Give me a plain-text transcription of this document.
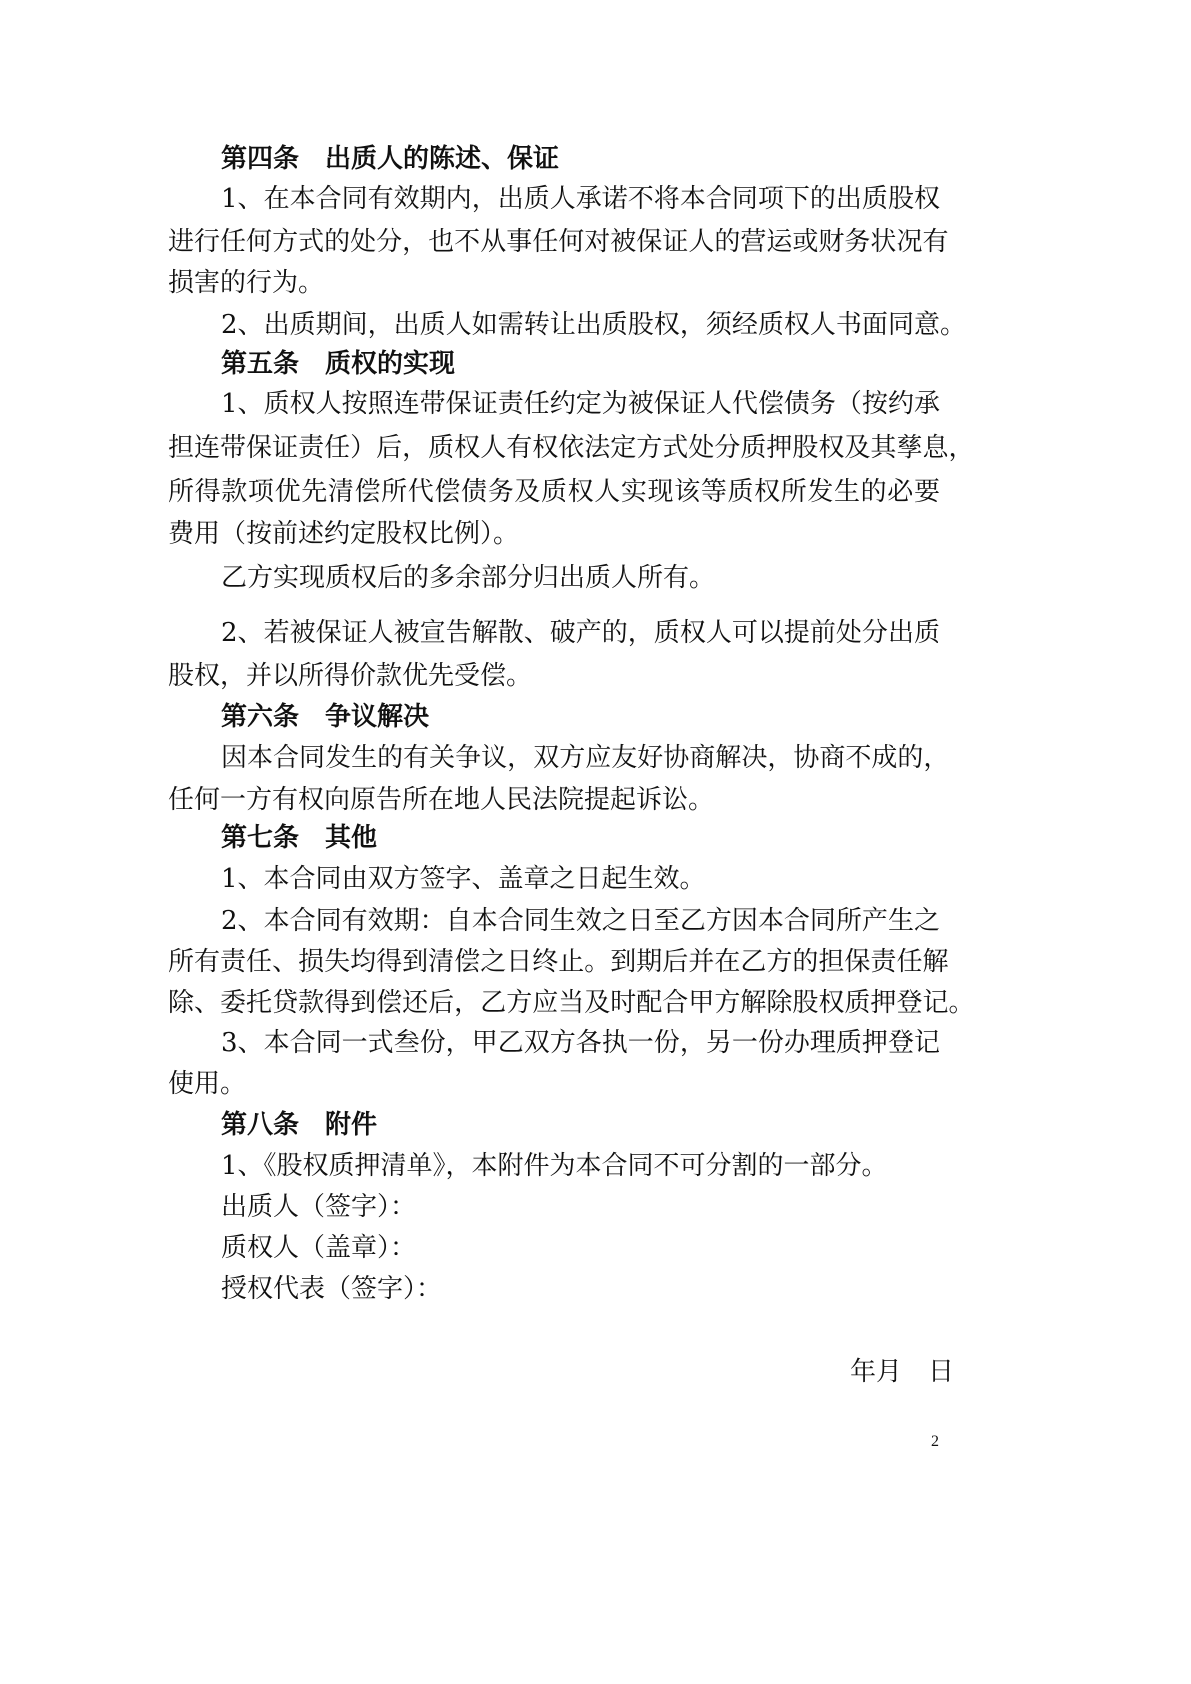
第四条　出质人的陈述、保证
1 、 在 本 合 同 有 效 期 内 ， 出 质 人 承 诺 不 将 本 合 同 项 下 的 出 质 股 权
进 行 任 何 方 式 的 处 分 ， 也 不 从 事 任 何 对 被 保 证 人 的 营 运 或 财 务 状 况 有
损害的行为。
2 、 出 质 期 间 ， 出 质 人 如 需 转 让 出 质 股 权 ， 须 经 质 权 人 书 面 同 意 。
第五条　质权的实现
1 、 质 权 人 按 照 连 带 保 证 责 任 约 定 为 被 保 证 人 代 偿 债 务 （ 按 约 承
担 连 带 保 证 责 任 ） 后 ， 质 权 人 有 权 依 法 定 方 式 处 分 质 押 股 权 及 其 孳 息 ，
所 得 款 项 优 先 清 偿 所 代 偿 债 务 及 质 权 人 实 现 该 等 质 权 所 发 生 的 必 要
费用（按前述约定股权比例）。
乙方实现质权后的多余部分归出质人所有。
2 、 若 被 保 证 人 被 宣 告 解 散 、 破 产 的 ， 质 权 人 可 以 提 前 处 分 出 质
股权，并以所得价款优先受偿。
第六条　争议解决
因 本 合 同 发 生 的 有 关 争 议 ， 双 方 应 友 好 协 商 解 决 ， 协 商 不 成 的 ，
任何一方有权向原告所在地人民法院提起诉讼。
第七条　其他
1、本合同由双方签字、盖章之日起生效。
2 、 本 合 同 有 效 期 ： 自 本 合 同 生 效 之 日 至 乙 方 因 本 合 同 所 产 生 之
所 有 责 任 、 损 失 均 得 到 清 偿 之 日 终 止 。 到 期 后 并 在 乙 方 的 担 保 责 任 解
除 、 委 托 贷 款 得 到 偿 还 后 ， 乙 方 应 当 及 时 配 合 甲 方 解 除 股 权 质 押 登 记 。
3 、 本 合 同 一 式 叁 份 ， 甲 乙 双 方 各 执 一 份 ， 另 一 份 办 理 质 押 登 记
使用。
第八条　附件
1、《股权质押清单》，本附件为本合同不可分割的一部分。
出质人（签字）：
质权人（盖章）：
授权代表（签字）：
年月　日
2
